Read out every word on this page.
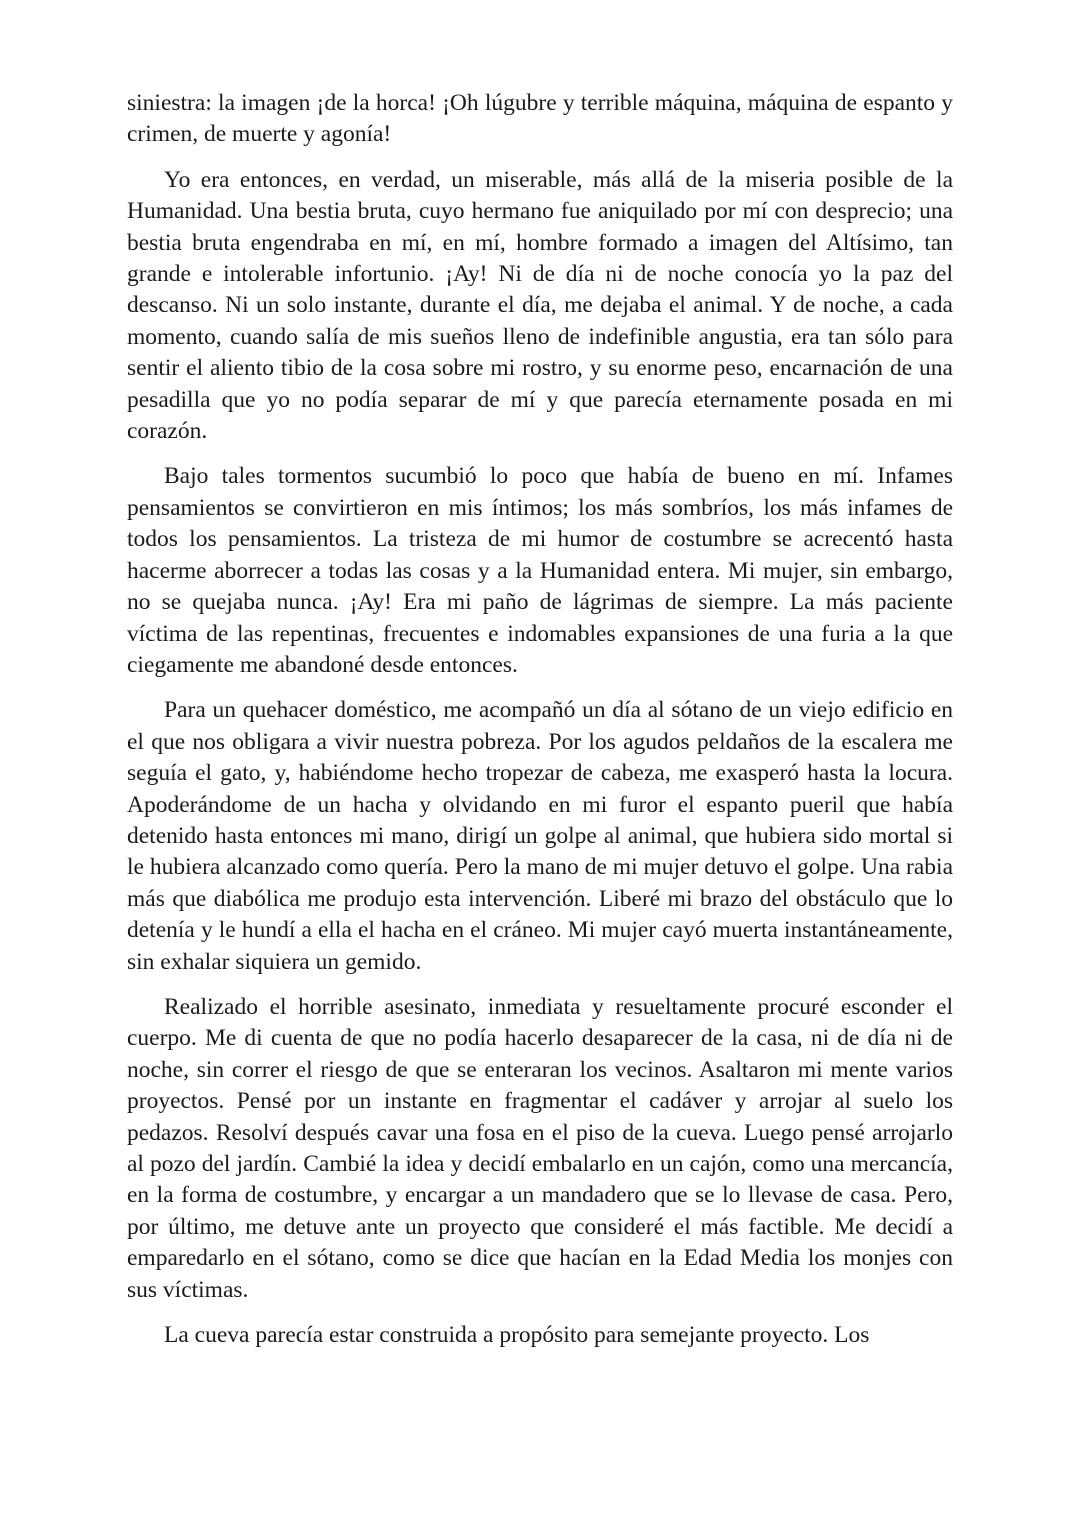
siniestra: la imagen ¡de la horca! ¡Oh lúgubre y terrible máquina, máquina de espanto y crimen, de muerte y agonía!

Yo era entonces, en verdad, un miserable, más allá de la miseria posible de la Humanidad. Una bestia bruta, cuyo hermano fue aniquilado por mí con desprecio; una bestia bruta engendraba en mí, en mí, hombre formado a imagen del Altísimo, tan grande e intolerable infortunio. ¡Ay! Ni de día ni de noche conocía yo la paz del descanso. Ni un solo instante, durante el día, me dejaba el animal. Y de noche, a cada momento, cuando salía de mis sueños lleno de indefinible angustia, era tan sólo para sentir el aliento tibio de la cosa sobre mi rostro, y su enorme peso, encarnación de una pesadilla que yo no podía separar de mí y que parecía eternamente posada en mi corazón.

Bajo tales tormentos sucumbió lo poco que había de bueno en mí. Infames pensamientos se convirtieron en mis íntimos; los más sombríos, los más infames de todos los pensamientos. La tristeza de mi humor de costumbre se acrecentó hasta hacerme aborrecer a todas las cosas y a la Humanidad entera. Mi mujer, sin embargo, no se quejaba nunca. ¡Ay! Era mi paño de lágrimas de siempre. La más paciente víctima de las repentinas, frecuentes e indomables expansiones de una furia a la que ciegamente me abandoné desde entonces.

Para un quehacer doméstico, me acompañó un día al sótano de un viejo edificio en el que nos obligara a vivir nuestra pobreza. Por los agudos peldaños de la escalera me seguía el gato, y, habiéndome hecho tropezar de cabeza, me exasperó hasta la locura. Apoderándome de un hacha y olvidando en mi furor el espanto pueril que había detenido hasta entonces mi mano, dirigí un golpe al animal, que hubiera sido mortal si le hubiera alcanzado como quería. Pero la mano de mi mujer detuvo el golpe. Una rabia más que diabólica me produjo esta intervención. Liberé mi brazo del obstáculo que lo detenía y le hundí a ella el hacha en el cráneo. Mi mujer cayó muerta instantáneamente, sin exhalar siquiera un gemido.

Realizado el horrible asesinato, inmediata y resueltamente procuré esconder el cuerpo. Me di cuenta de que no podía hacerlo desaparecer de la casa, ni de día ni de noche, sin correr el riesgo de que se enteraran los vecinos. Asaltaron mi mente varios proyectos. Pensé por un instante en fragmentar el cadáver y arrojar al suelo los pedazos. Resolví después cavar una fosa en el piso de la cueva. Luego pensé arrojarlo al pozo del jardín. Cambié la idea y decidí embalarlo en un cajón, como una mercancía, en la forma de costumbre, y encargar a un mandadero que se lo llevase de casa. Pero, por último, me detuve ante un proyecto que consideré el más factible. Me decidí a emparedarlo en el sótano, como se dice que hacían en la Edad Media los monjes con sus víctimas.

La cueva parecía estar construida a propósito para semejante proyecto. Los
